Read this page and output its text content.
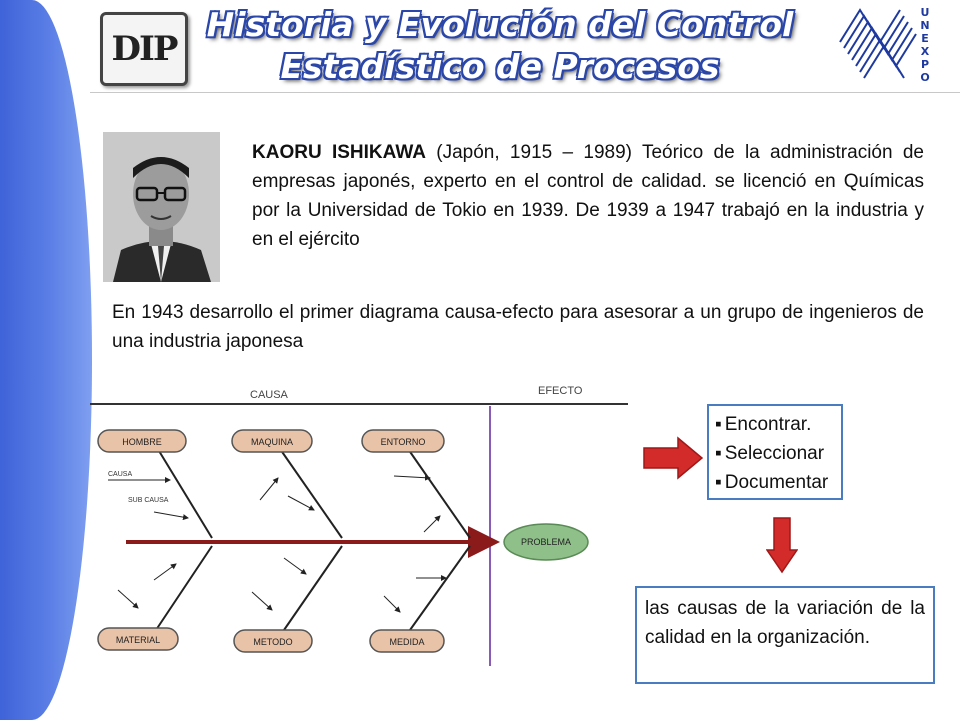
DIP
Historia y Evolución del Control
Estadístico de Procesos
UNEXPO
KAORU ISHIKAWA (Japón, 1915 – 1989) Teórico de la administración de empresas japonés, experto en el control de calidad. se licenció en Químicas por la Universidad de Tokio en 1939. De 1939 a 1947 trabajó en la industria y en el ejército
En 1943 desarrollo el primer diagrama causa-efecto para asesorar a un grupo de ingenieros de una industria japonesa
CAUSA	EFECTO
CAUSA
SUB CAUSA
HOMBRE	MAQUINA	ENTORNO
MATERIAL	METODO	MEDIDA
PROBLEMA
▪ Encontrar.
▪ Seleccionar
▪ Documentar
las causas de la variación de la calidad en la organización.
